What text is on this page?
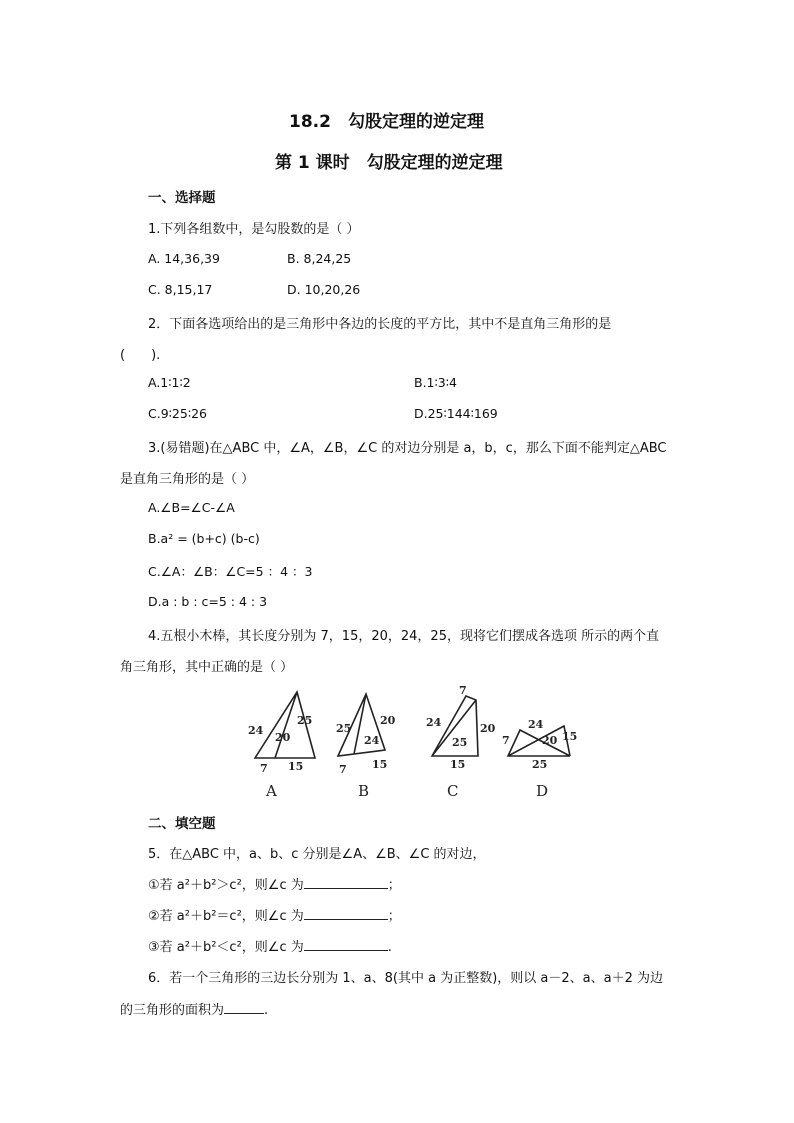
18.2　勾股定理的逆定理
第 1 课时　勾股定理的逆定理
一、选择题
1.下列各组数中，是勾股数的是（ ）
A. 14,36,39	B. 8,24,25
C. 8,15,17	D. 10,20,26
2．下面各选项给出的是三角形中各边的长度的平方比，其中不是直角三角形的是
(　　).
A.1∶1∶2	B.1∶3∶4
C.9∶25∶26	D.25∶144∶169
3.(易错题)在△ABC 中，∠A，∠B，∠C 的对边分别是 a，b，c，那么下面不能判定△ABC
是直角三角形的是（ ）
A.∠B=∠C-∠A
B.a² = (b+c) (b-c)
C.∠A：∠B：∠C=5 ：4 ：3
D.a : b : c=5 : 4 : 3
4.五根小木棒，其长度分别为 7，15，20，24，25，现将它们摆成各选项 所示的两个直
角三角形，其中正确的是（ ）
24
25
20
7 15
25
20
24
7 15
7
24	20
25
15
24
7	20 15
25
A	B	C	D
二、填空题
5．在△ABC 中，a、b、c 分别是∠A、∠B、∠C 的对边，
①若 a²＋b²＞c²，则∠c 为	；
②若 a²＋b²＝c²，则∠c 为	；
③若 a²＋b²＜c²，则∠c 为	.
6．若一个三角形的三边长分别为 1、a、8(其中 a 为正整数)，则以 a－2、a、a＋2 为边
的三角形的面积为	.
